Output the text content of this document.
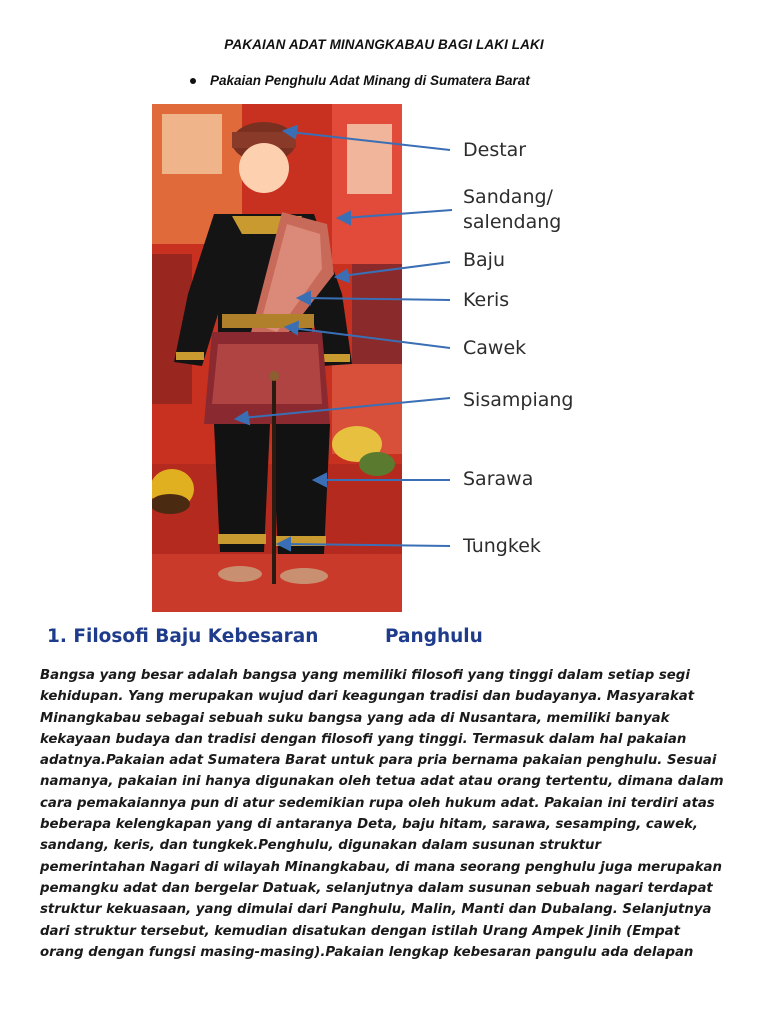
PAKAIAN ADAT MINANGKABAU BAGI LAKI LAKI
Pakaian Penghulu Adat Minang di Sumatera Barat
Destar
Sandang/
salendang
Baju
Keris
Cawek
Sisampiang
Sarawa
Tungkek
1. Filosofi Baju Kebesaran	Panghulu
Bangsa yang besar adalah bangsa yang memiliki filosofi yang tinggi dalam setiap segi
kehidupan. Yang merupakan wujud dari keagungan tradisi dan budayanya. Masyarakat
Minangkabau sebagai sebuah suku bangsa yang ada di Nusantara, memiliki banyak
kekayaan budaya dan tradisi dengan filosofi yang tinggi. Termasuk dalam hal pakaian
adatnya.Pakaian adat Sumatera Barat untuk para pria bernama pakaian penghulu. Sesuai
namanya, pakaian ini hanya digunakan oleh tetua adat atau orang tertentu, dimana dalam
cara pemakaiannya pun di atur sedemikian rupa oleh hukum adat. Pakaian ini terdiri atas
beberapa kelengkapan yang di antaranya Deta, baju hitam, sarawa, sesamping, cawek,
sandang, keris, dan tungkek.Penghulu, digunakan dalam susunan struktur
pemerintahan Nagari di wilayah Minangkabau, di mana seorang penghulu juga merupakan
pemangku adat dan bergelar Datuak, selanjutnya dalam susunan sebuah nagari terdapat
struktur kekuasaan, yang dimulai dari Panghulu, Malin, Manti dan Dubalang. Selanjutnya
dari struktur tersebut, kemudian disatukan dengan istilah Urang Ampek Jinih (Empat
orang dengan fungsi masing-masing).Pakaian lengkap kebesaran pangulu ada delapan
